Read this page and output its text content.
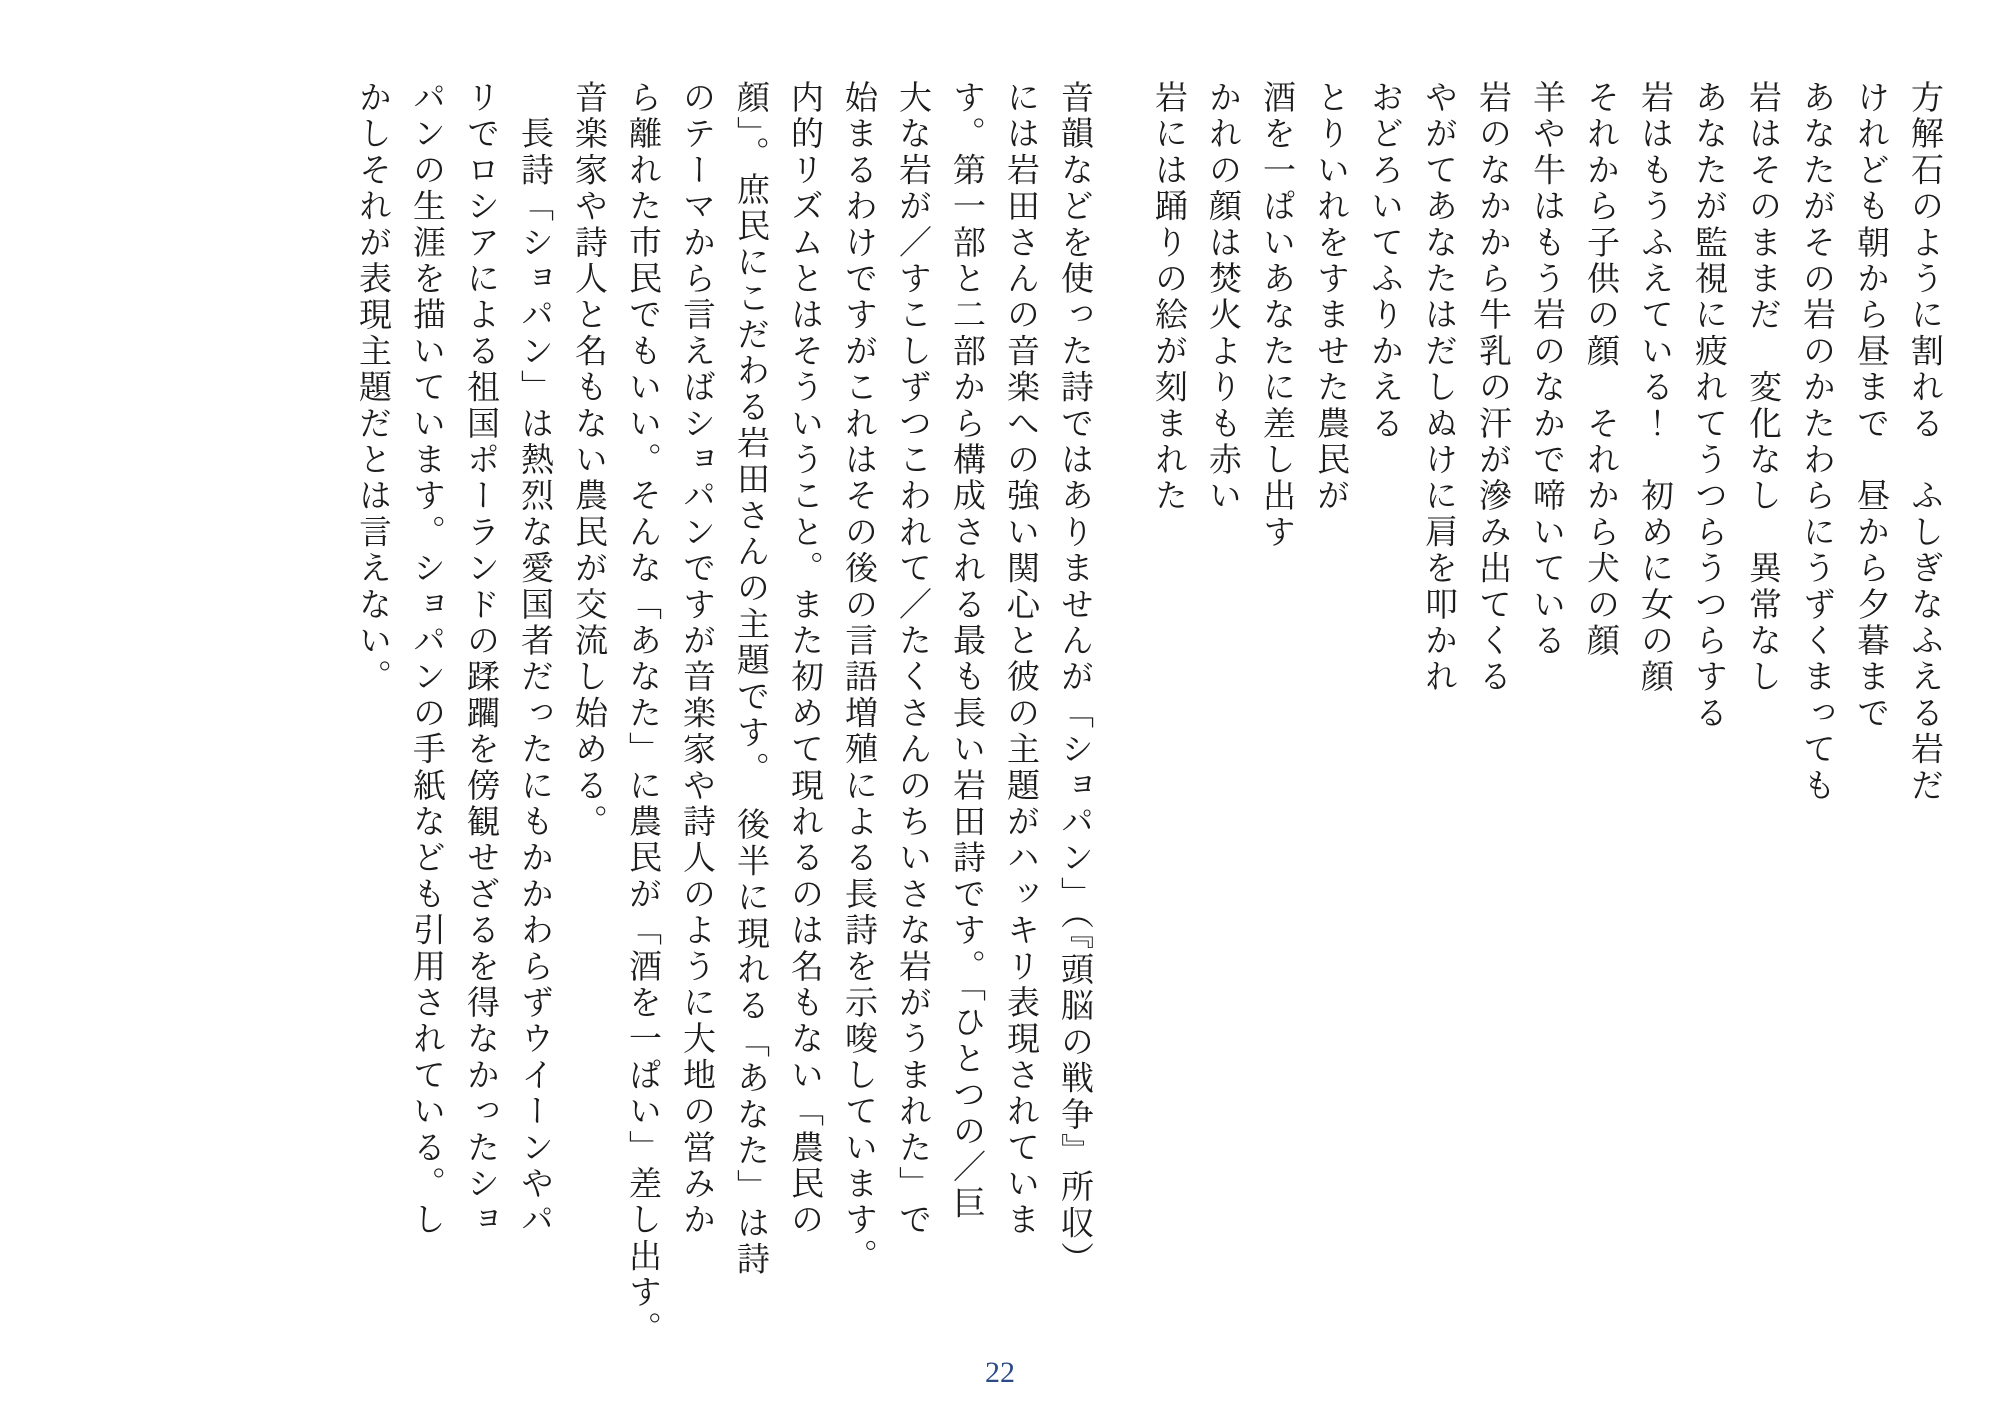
方解石のように割れる　ふしぎなふえる岩だ
けれども朝から昼まで　昼から夕暮まで
あなたがその岩のかたわらにうずくまっても
岩はそのままだ　変化なし　異常なし
あなたが監視に疲れてうつらうつらする
岩はもうふえている！　初めに女の顔
それから子供の顔　それから犬の顔
羊や牛はもう岩のなかで啼いている
岩のなかから牛乳の汗が滲み出てくる
やがてあなたはだしぬけに肩を叩かれ
おどろいてふりかえる
とりいれをすませた農民が
酒を一ぱいあなたに差し出す
かれの顔は焚火よりも赤い
岩には踊りの絵が刻まれた
音韻などを使った詩ではありませんが「ショパン」（『頭脳の戦争』所収）
には岩田さんの音楽への強い関心と彼の主題がハッキリ表現されていま
す。第一部と二部から構成される最も長い岩田詩です。「ひとつの／巨
大な岩が／すこしずつこわれて／たくさんのちいさな岩がうまれた」で
始まるわけですがこれはその後の言語増殖による長詩を示唆しています。
内的リズムとはそういうこと。また初めて現れるのは名もない「農民の
顔」。庶民にこだわる岩田さんの主題です。　後半に現れる「あなた」は詩
のテーマから言えばショパンですが音楽家や詩人のように大地の営みか
ら離れた市民でもいい。そんな「あなた」に農民が「酒を一ぱい」差し出す。
音楽家や詩人と名もない農民が交流し始める。
　長詩「ショパン」は熱烈な愛国者だったにもかかわらずウイーンやパ
リでロシアによる祖国ポーランドの蹂躙を傍観せざるを得なかったショ
パンの生涯を描いています。ショパンの手紙なども引用されている。し
かしそれが表現主題だとは言えない。
22
